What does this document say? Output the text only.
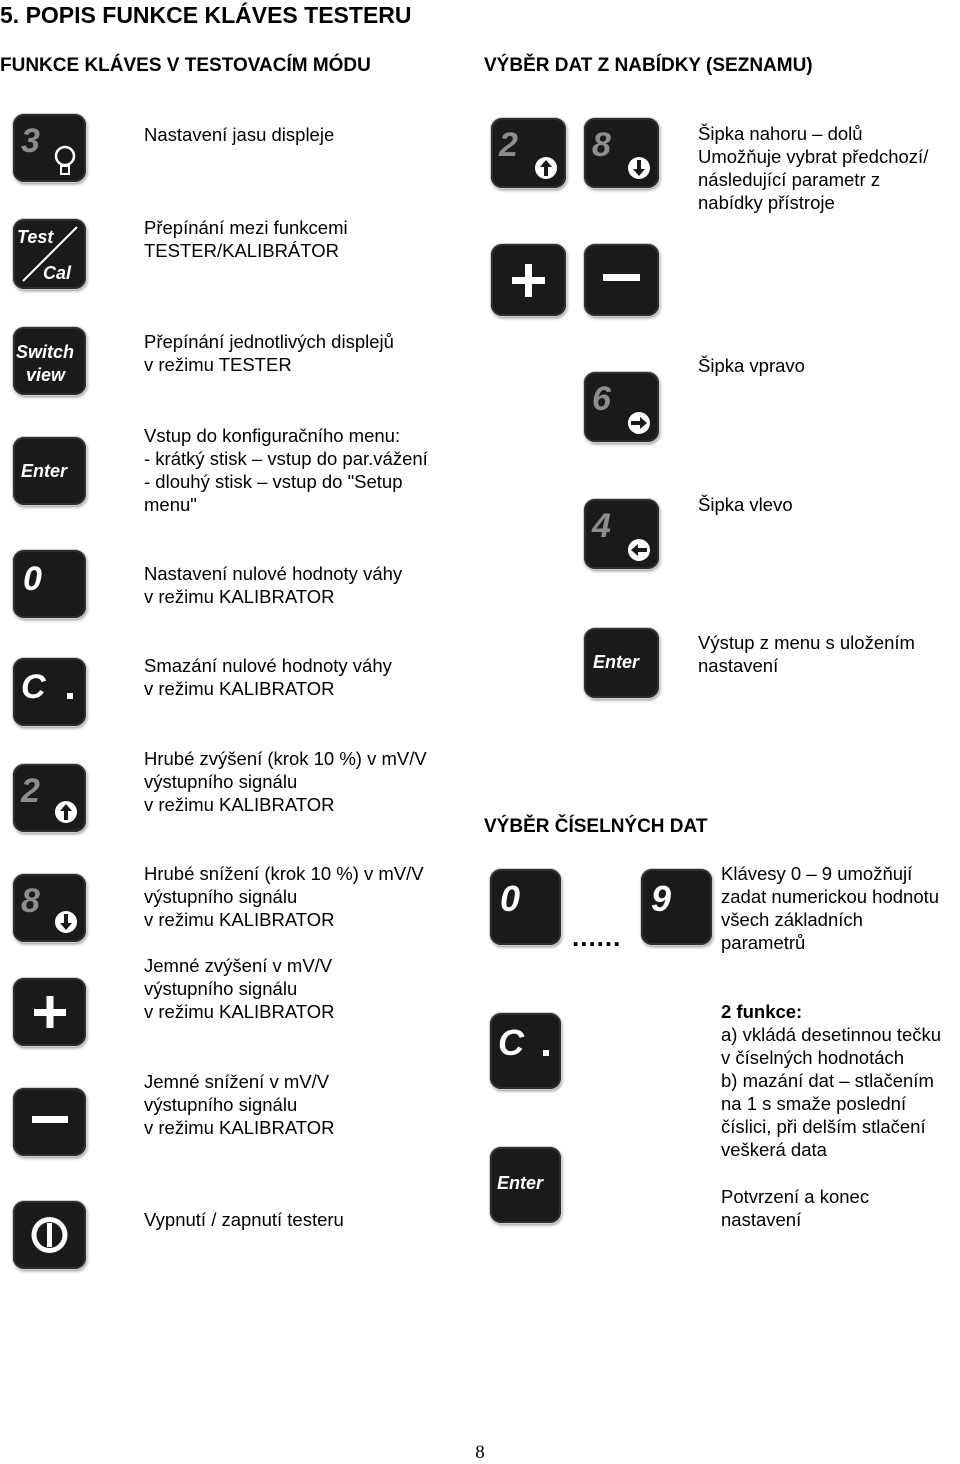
5. POPIS FUNKCE KLÁVES TESTERU
FUNKCE KLÁVES V TESTOVACÍM MÓDU	VÝBĚR DAT Z NABÍDKY (SEZNAMU)
VÝBĚR ČÍSELNÝCH DAT
3
Test
Cal
Switch
view
Enter
0
C
2
8
Nastavení jasu displeje
Přepínání mezi funkcemi
TESTER/KALIBRÁTOR
Přepínání jednotlivých displejů
v režimu TESTER
Vstup do konfiguračního menu:
- krátký stisk – vstup do par.vážení
- dlouhý stisk – vstup do "Setup
menu"
Nastavení nulové hodnoty váhy
v režimu KALIBRATOR
Smazání nulové hodnoty váhy
v režimu KALIBRATOR
Hrubé zvýšení (krok 10 %) v mV/V
výstupního signálu
v režimu KALIBRATOR
Hrubé snížení (krok 10 %) v mV/V
výstupního signálu
v režimu KALIBRATOR
Jemné zvýšení v mV/V
výstupního signálu
v režimu KALIBRATOR
Jemné snížení v mV/V
výstupního signálu
v režimu KALIBRATOR
Vypnutí / zapnutí testeru
2 8
6
4
Enter
Šipka nahoru – dolů
Umožňuje vybrat předchozí/
následující parametr z
nabídky přístroje
Šipka vpravo
Šipka vlevo
Výstup z menu s uložením
nastavení
0
......
9
C
Enter
Klávesy 0 – 9 umožňují
zadat numerickou hodnotu
všech základních
parametrů
2 funkce:
a) vkládá desetinnou tečku
v číselných hodnotách
b) mazání dat – stlačením
na 1 s smaže poslední
číslici, při delším stlačení
veškerá data
Potvrzení a konec
nastavení
8
